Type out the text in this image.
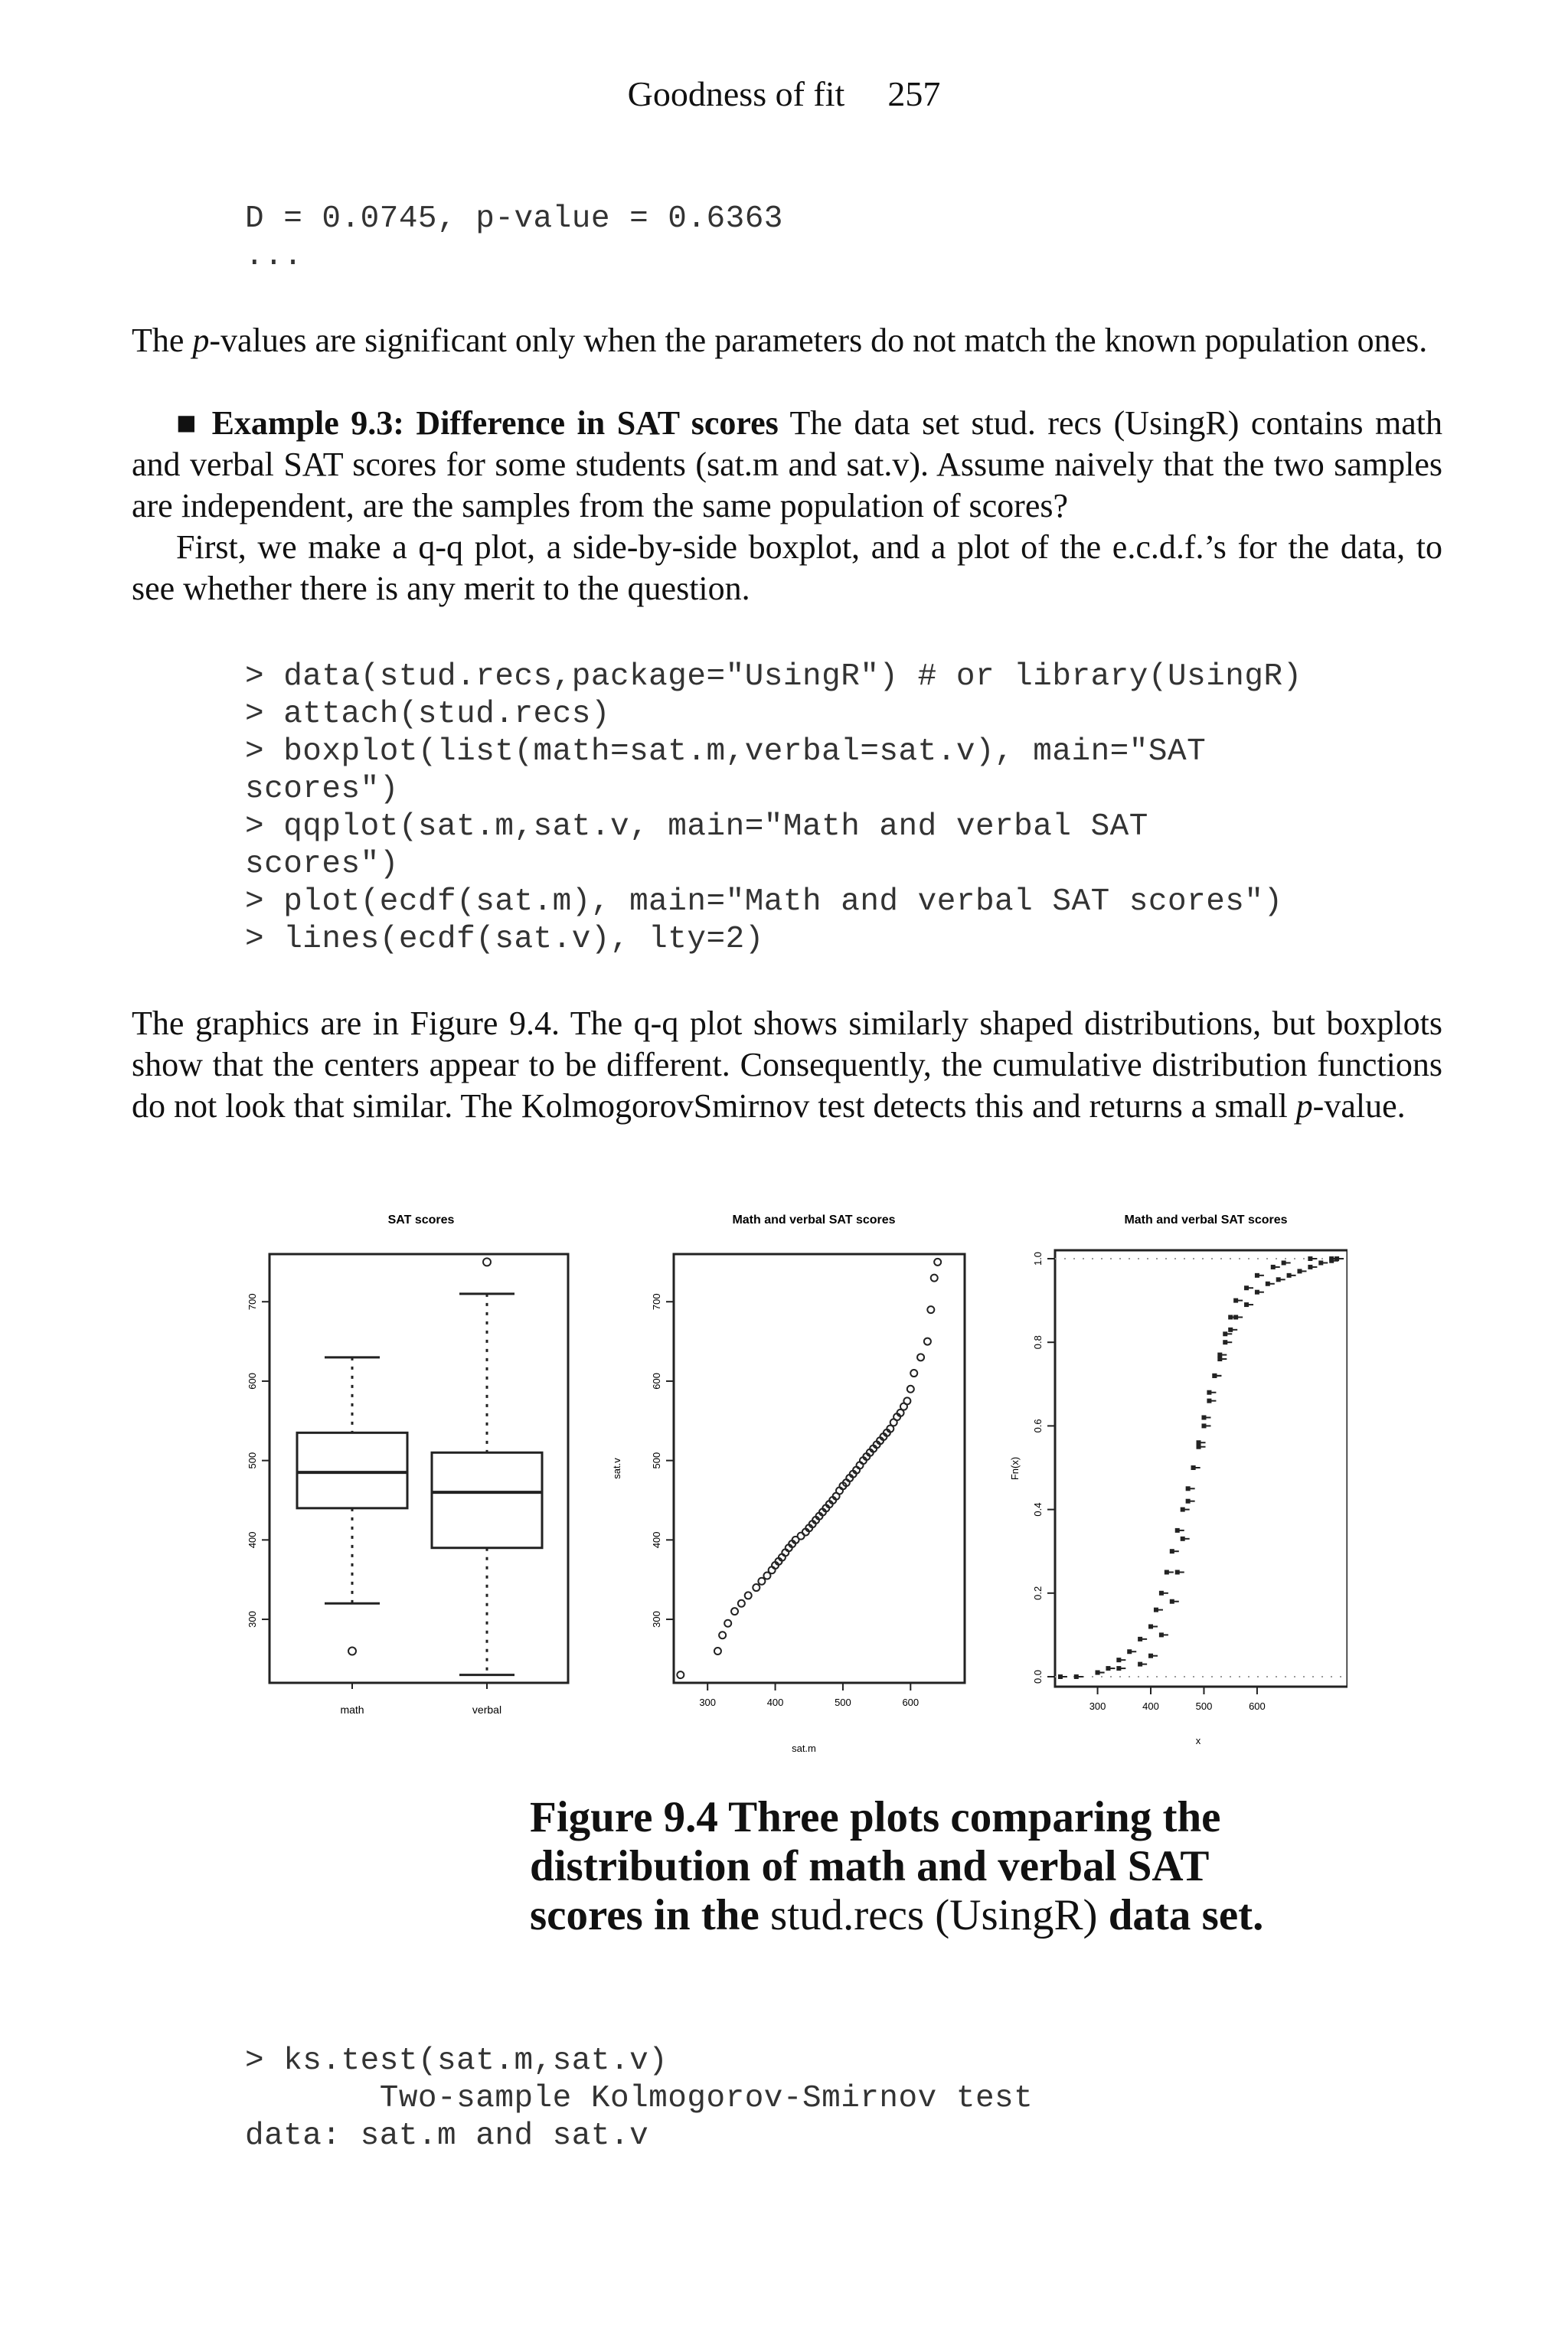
Goodness of fit 257
D = 0.0745, p-value = 0.6363
...

The p-values are significant only when the parameters do not match the known population ones.

■ Example 9.3: Difference in SAT scores The data set stud. recs (UsingR) contains math and verbal SAT scores for some students (sat.m and sat.v). Assume naively that the two samples are independent, are the samples from the same population of scores?

First, we make a q-q plot, a side-by-side boxplot, and a plot of the e.c.d.f.’s for the data, to see whether there is any merit to the question.

> data(stud.recs,package="UsingR") # or library(UsingR)
> attach(stud.recs)
> boxplot(list(math=sat.m,verbal=sat.v), main="SAT
scores")
> qqplot(sat.m,sat.v, main="Math and verbal SAT
scores")
> plot(ecdf(sat.m), main="Math and verbal SAT scores")
> lines(ecdf(sat.v), lty=2)

The graphics are in Figure 9.4. The q-q plot shows similarly shaped distributions, but boxplots show that the centers appear to be different. Consequently, the cumulative distribution functions do not look that similar. The KolmogorovSmirnov test detects this and returns a small p-value.

SAT scores
300
400
500
600
700
math	verbal
Math and verbal SAT scores
300
400
500
600
700
300	400	500	600
sat.m
sat.v
Math and verbal SAT scores
0.0
0.2
0.4
0.6
0.8
1.0
300	400	500	600
x
Fn(x)
Figure 9.4 Three plots comparing the distribution of math and verbal SAT scores in the stud.recs (UsingR) data set.
> ks.test(sat.m,sat.v)
Two-sample Kolmogorov-Smirnov test
data: sat.m and sat.v
